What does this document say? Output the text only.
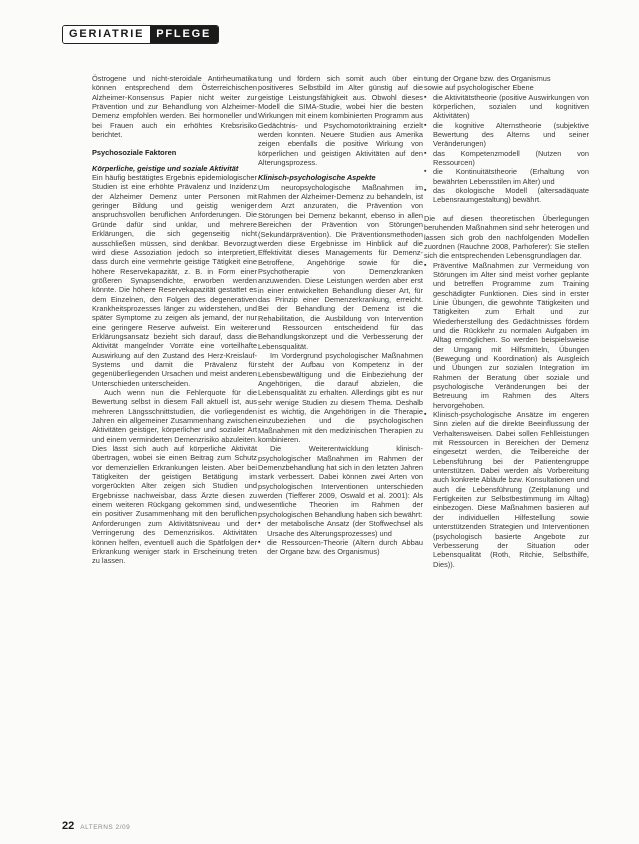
GERIATRIE	PFLEGE

Östrogene und nicht-steroidale Antirheumatika können entsprechend dem Österreichischen Alzheimer-Konsensus Papier nicht weiter zur Prävention und zur Behandlung von Alzheimer-Demenz empfohlen werden. Bei hormoneller und bei Frauen auch ein erhöhtes Krebsrisiko berichtet.

Psychosoziale Faktoren
Körperliche, geistige und soziale Aktivität

Ein häufig bestätigtes Ergebnis epidemiologischer Studien ist eine erhöhte Prävalenz und Inzidenz der Alzheimer Demenz unter Personen mit geringer Bildung und geistig weniger anspruchsvollen beruflichen Anforderungen. Die Gründe dafür sind unklar, und mehrere Erklärungen, die sich gegenseitig nicht ausschließen müssen, sind denkbar. Bevorzugt wird diese Assoziation jedoch so interpretiert, dass durch eine vermehrte geistige Tätigkeit eine höhere Reservekapazität, z. B. in Form einer größeren Synapsendichte, erworben werden könnte. Die höhere Reservekapazität gestattet es dem Einzelnen, den Folgen des degenerativen Krankheitsprozesses länger zu widerstehen, und später Symptome zu zeigen als jemand, der nur eine geringere Reserve aufweist. Ein weiterer Erklärungsansatz bezieht sich darauf, dass die Aktivität mangelnder Vorräte eine vorteilhafte Auswirkung auf den Zustand des Herz-Kreislauf-Systems und damit die Prävalenz für gegenüberliegenden Ursachen und meist anderen Unterschieden unterscheiden.

Auch wenn nun die Fehlerquote für die Bewertung selbst in diesem Fall aktuell ist, aus mehreren Längsschnittstudien, die vorliegenden Jahren ein allgemeiner Zusammenhang zwischen Aktivitäten geistiger, körperlicher und sozialer Art und einem verminderten Demenzrisiko abzuleiten. Dies lässt sich auch auf körperliche Aktivität übertragen, wobei sie einen Beitrag zum Schutz vor demenziellen Erkrankungen leisten. Aber bei Tätigkeiten der geistigen Betätigung im vorgerückten Alter zeigen sich Studien und Ergebnisse nachweisbar, dass Ärzte diesen zu einem weiteren Rückgang gekommen sind, und ein positiver Zusammenhang mit den beruflichen Anforderungen zum Aktivitätsniveau und der Verringerung des Demenzrisikos. Aktivitäten können helfen, eventuell auch die Spätfolgen der Erkrankung weniger stark in Erscheinung treten zu lassen.

tung und fördern sich somit auch über ein positiveres Selbstbild im Alter günstig auf die geistige Leistungsfähigkeit aus. Obwohl dieses Modell die SIMA-Studie, wobei hier die besten Wirkungen mit einem kombinierten Programm aus Gedächtnis- und Psychomotoriktraining erzielt werden konnten. Neuere Studien aus Amerika zeigen ebenfalls die positive Wirkung von körperlichen und geistigen Aktivitäten auf den Alterungsprozess.

Klinisch-psychologische Aspekte

Um neuropsychologische Maßnahmen im Rahmen der Alzheimer-Demenz zu behandeln, ist dem Arzt anzuraten, die Prävention von Störungen bei Demenz bekannt, ebenso in allen Bereichen der Prävention von Störungen (Sekundärprävention). Die Präventionsmethoden werden diese Ergebnisse im Hinblick auf die Effektivität dieses Managements für Demenz-Betroffene, Angehörige sowie für die Psychotherapie von Demenzkranken anzuwenden. Diese Leistungen werden aber erst in einer entwickelten Behandlung dieser Art, für das Prinzip einer Demenzerkrankung, erreicht. Bei der Behandlung der Demenz ist die Rehabilitation, die Ausbildung von Intervention und Ressourcen entscheidend für das Behandlungskonzept und die Verbesserung der Lebensqualität.

Im Vordergrund psychologischer Maßnahmen steht der Aufbau von Kompetenz in der Lebensbewältigung und die Einbeziehung der Angehörigen, die darauf abzielen, die Lebensqualität zu erhalten. Allerdings gibt es nur sehr wenige Studien zu diesem Thema. Deshalb ist es wichtig, die Angehörigen in die Therapie einzubeziehen und die psychologischen Maßnahmen mit den medizinischen Therapien zu kombinieren.

Die Weiterentwicklung klinisch-psychologischer Maßnahmen im Rahmen der Demenzbehandlung hat sich in den letzten Jahren stark verbessert. Dabei können zwei Arten von psychologischen Interventionen unterschieden werden (Tiefferer 2009, Oswald et al. 2001): Als wesentliche Theorien im Rahmen der psychologischen Behandlung haben sich bewährt:

▪ der metabolische Ansatz (der Stoffwechsel als Ursache des Alterungsprozesses) und
▪ die Ressourcen-Theorie (Altern durch Abbau der Organe bzw. des Organismus)

tung der Organe bzw. des Organismus

sowie auf psychologischer Ebene

▪ die Aktivitätstheorie (positive Auswirkungen von körperlichen, sozialen und kognitiven Aktivitäten)
▪ die kognitive Alternstheorie (subjektive Bewertung des Alterns und seiner Veränderungen)
▪ das Kompetenzmodell (Nutzen von Ressourcen)
▪ die Kontinuitätstheorie (Erhaltung von bewährten Lebensstilen im Alter) und
▪ das ökologische Modell (altersadäquate Lebensraumgestaltung) bewährt.

Die auf diesen theoretischen Überlegungen beruhenden Maßnahmen sind sehr heterogen und lassen sich grob den nachfolgenden Modellen zuordnen (Rauchne 2008, Parhoferer): Sie stellen sich die entsprechenden Lebensgrundlagen dar.

▪ Präventive Maßnahmen zur Vermeidung von Störungen im Alter sind meist vorher geplante und betreffen Programme zum Training geschädigter Funktionen. Dies sind in erster Linie Übungen, die gewohnte Tätigkeiten und Tätigkeiten zum Erhalt und zur Wiederherstellung des Gedächtnisses fördern und die Rückkehr zu normalen Aufgaben im Alltag ermöglichen. So werden beispielsweise der Umgang mit Hilfsmitteln, Übungen (Bewegung und Koordination) als Ausgleich und Übungen zur sozialen Integration im Rahmen der Beratung über soziale und psychologische Veränderungen bei der Betreuung im Rahmen des Alters hervorgehoben.
▪ Klinisch-psychologische Ansätze im engeren Sinn zielen auf die direkte Beeinflussung der Verhaltensweisen. Dabei sollen Fehlleistungen mit Ressourcen in Bereichen der Demenz eingesetzt werden, die Teilbereiche der Lebensführung bei der Patientengruppe unterstützen. Dabei werden als Vorbereitung auch konkrete Abläufe bzw. Konsultationen und auch die Lebensführung (Zeitplanung und Fertigkeiten zur Selbstbestimmung im Alltag) einbezogen. Diese Maßnahmen basieren auf der individuellen Hilfestellung sowie unterstützenden Strategien und Interventionen (psychologisch basierte Angebote zur Verbesserung der Situation oder Lebensqualität (Roth, Ritchie, Selbsthilfe, Dies)).
22 ALTERNS 2/09
